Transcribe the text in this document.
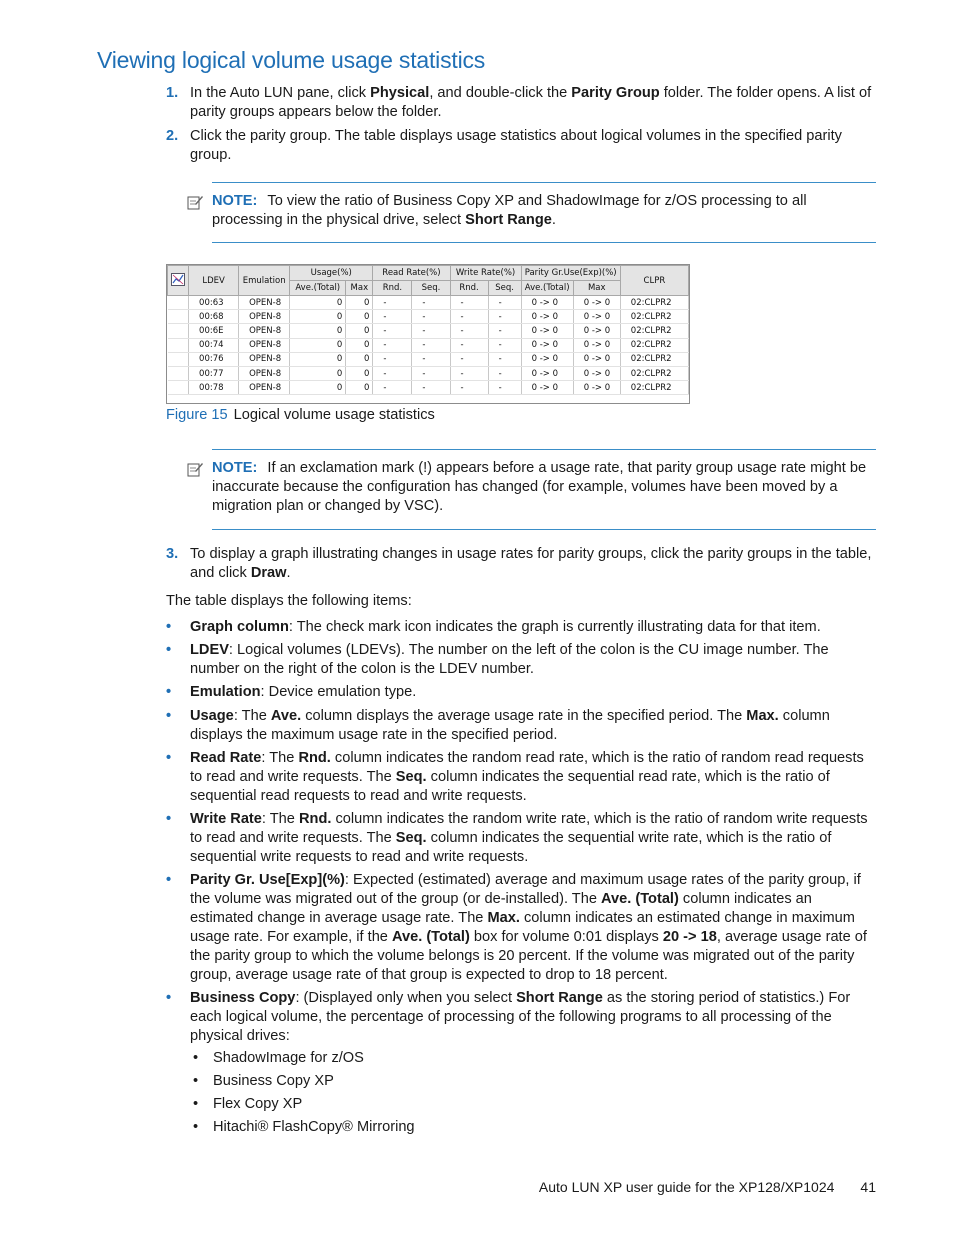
Viewing logical volume usage statistics
1. In the Auto LUN pane, click Physical, and double-click the Parity Group folder. The folder opens. A list of parity groups appears below the folder.
2. Click the parity group. The table displays usage statistics about logical volumes in the specified parity group.
NOTE: To view the ratio of Business Copy XP and ShadowImage for z/OS processing to all processing in the physical drive, select Short Range.
	LDEV	Emulation	Usage(%)		Read Rate(%)		Write Rate(%)		Parity Gr.Use(Exp)(%)		CLPR
			Ave.(Total)	Max	Rnd.	Seq.	Rnd.	Seq.	Ave.(Total)	Max	
	00:63	OPEN-8	0	0	-	-	-	-	0 -> 0	0 -> 0	02:CLPR2
	00:68	OPEN-8	0	0	-	-	-	-	0 -> 0	0 -> 0	02:CLPR2
	00:6E	OPEN-8	0	0	-	-	-	-	0 -> 0	0 -> 0	02:CLPR2
	00:74	OPEN-8	0	0	-	-	-	-	0 -> 0	0 -> 0	02:CLPR2
	00:76	OPEN-8	0	0	-	-	-	-	0 -> 0	0 -> 0	02:CLPR2
	00:77	OPEN-8	0	0	-	-	-	-	0 -> 0	0 -> 0	02:CLPR2
	00:78	OPEN-8	0	0	-	-	-	-	0 -> 0	0 -> 0	02:CLPR2
Figure 15 Logical volume usage statistics
NOTE: If an exclamation mark (!) appears before a usage rate, that parity group usage rate might be inaccurate because the configuration has changed (for example, volumes have been moved by a migration plan or changed by VSC).
3. To display a graph illustrating changes in usage rates for parity groups, click the parity groups in the table, and click Draw.
The table displays the following items:
• Graph column: The check mark icon indicates the graph is currently illustrating data for that item.
• LDEV: Logical volumes (LDEVs). The number on the left of the colon is the CU image number. The number on the right of the colon is the LDEV number.
• Emulation: Device emulation type.
• Usage: The Ave. column displays the average usage rate in the specified period. The Max. column displays the maximum usage rate in the specified period.
• Read Rate: The Rnd. column indicates the random read rate, which is the ratio of random read requests to read and write requests. The Seq. column indicates the sequential read rate, which is the ratio of sequential read requests to read and write requests.
• Write Rate: The Rnd. column indicates the random write rate, which is the ratio of random write requests to read and write requests. The Seq. column indicates the sequential write rate, which is the ratio of sequential write requests to read and write requests.
• Parity Gr. Use[Exp](%): Expected (estimated) average and maximum usage rates of the parity group, if the volume was migrated out of the group (or de-installed). The Ave. (Total) column indicates an estimated change in average usage rate. The Max. column indicates an estimated change in maximum usage rate. For example, if the Ave. (Total) box for volume 0:01 displays 20 -> 18, average usage rate of the parity group to which the volume belongs is 20 percent. If the volume was migrated out of the parity group, average usage rate of that group is expected to drop to 18 percent.
• Business Copy: (Displayed only when you select Short Range as the storing period of statistics.) For each logical volume, the percentage of processing of the following programs to all processing of the physical drives:
• ShadowImage for z/OS
• Business Copy XP
• Flex Copy XP
• Hitachi® FlashCopy® Mirroring
Auto LUN XP user guide for the XP128/XP1024 41
